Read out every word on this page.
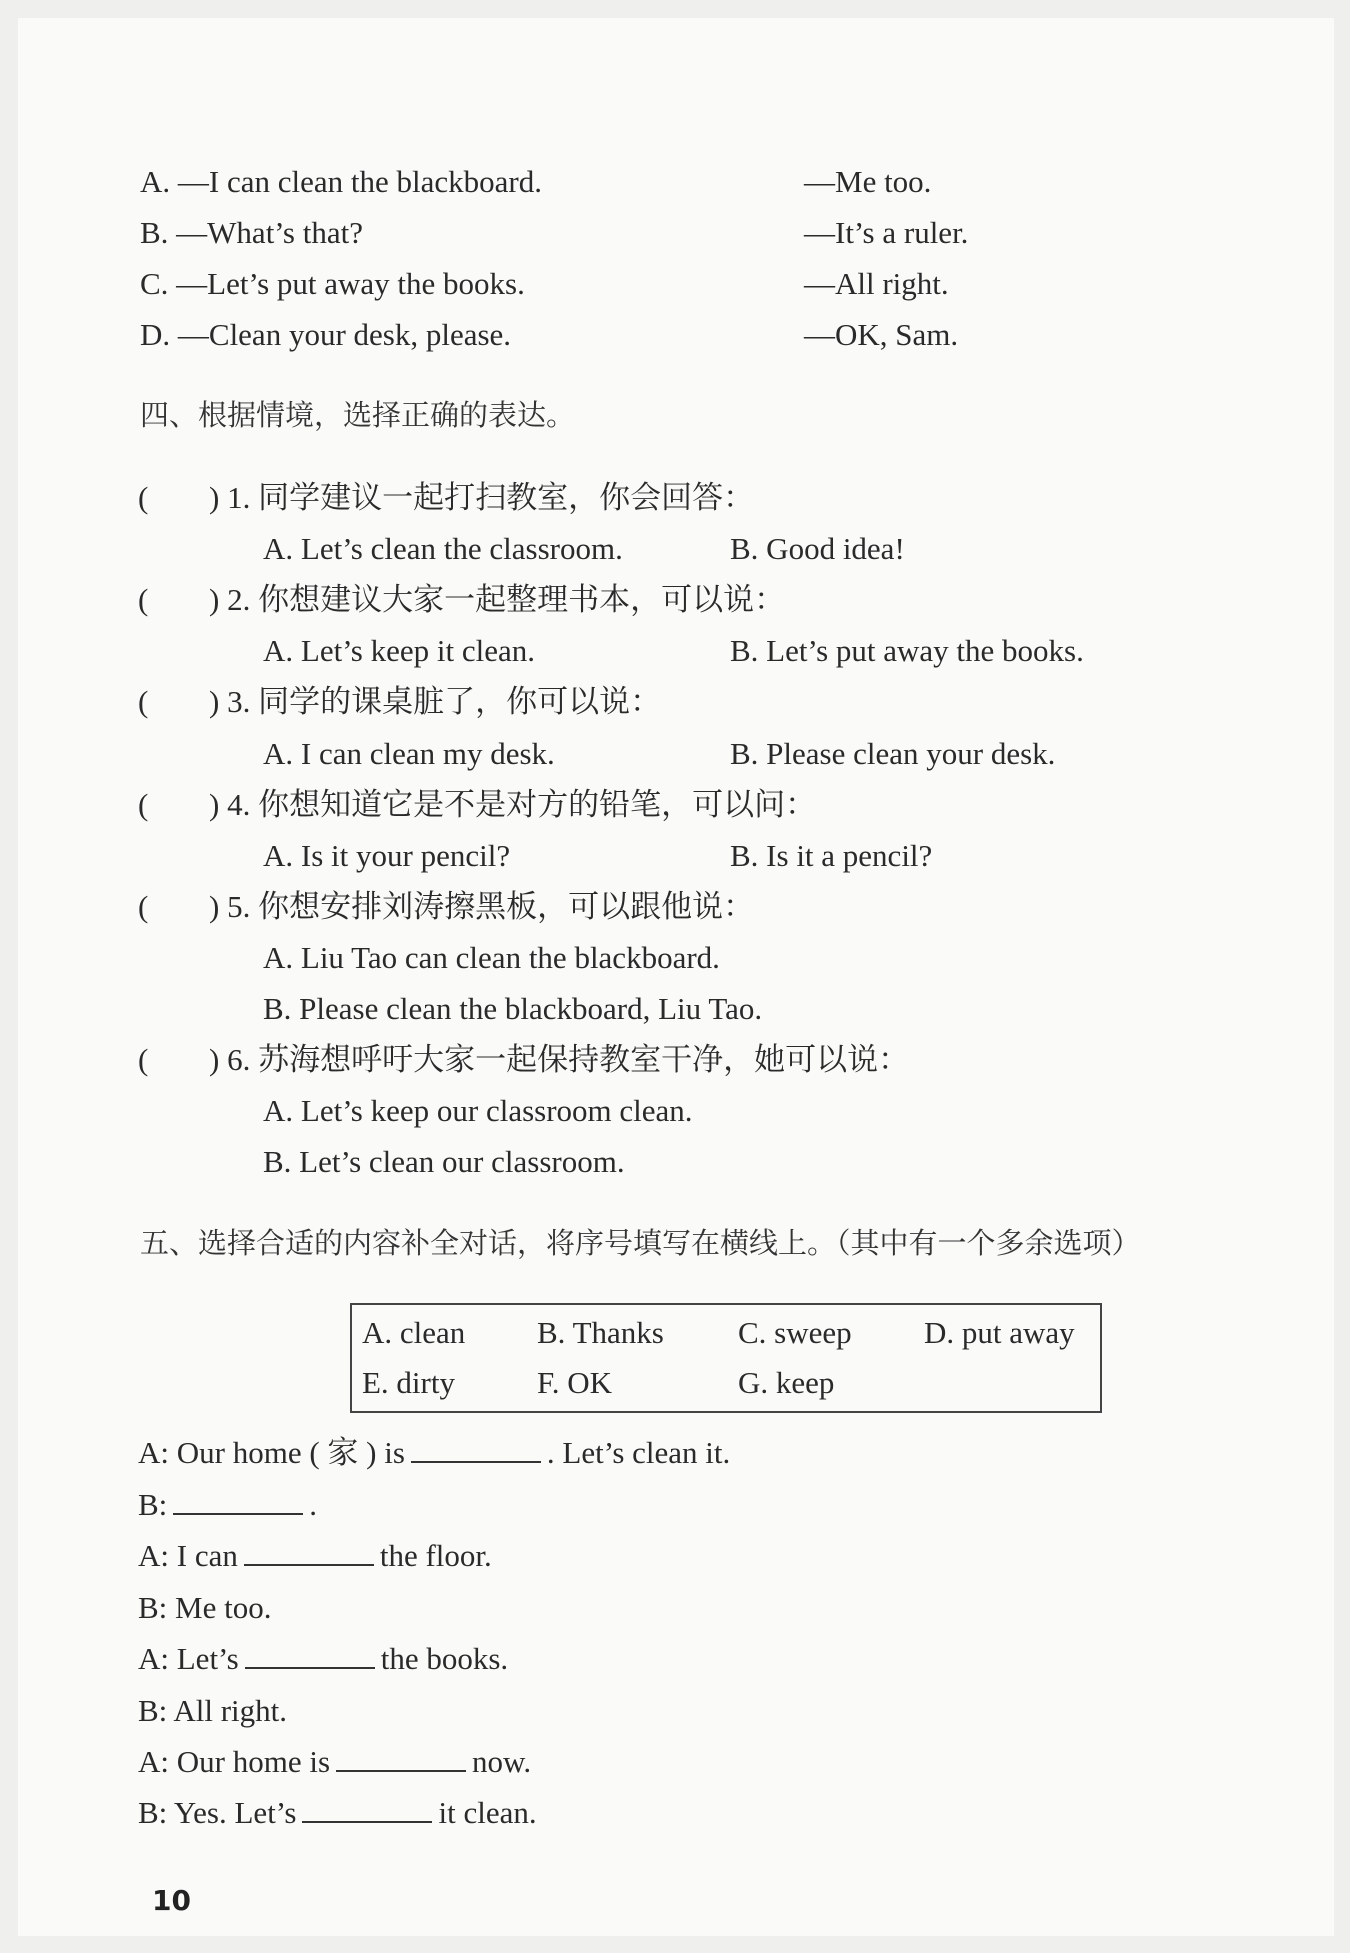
A. —I can clean the blackboard.	—Me too.
B. —What’s that?	—It’s a ruler.
C. —Let’s put away the books.	—All right.
D. —Clean your desk, please.	—OK, Sam.
四、根据情境，选择正确的表达。
( ) 1. 同学建议一起打扫教室，你会回答：
A. Let’s clean the classroom.	B. Good idea!
( ) 2. 你想建议大家一起整理书本，可以说：
A. Let’s keep it clean.	B. Let’s put away the books.
( ) 3. 同学的课桌脏了，你可以说：
A. I can clean my desk.	B. Please clean your desk.
( ) 4. 你想知道它是不是对方的铅笔，可以问：
A. Is it your pencil?	B. Is it a pencil?
( ) 5. 你想安排刘涛擦黑板，可以跟他说：
A. Liu Tao can clean the blackboard.
B. Please clean the blackboard, Liu Tao.
( ) 6. 苏海想呼吁大家一起保持教室干净，她可以说：
A. Let’s keep our classroom clean.
B. Let’s clean our classroom.
五、选择合适的内容补全对话，将序号填写在横线上。（其中有一个多余选项）
A. clean B. Thanks C. sweep D. put away
E. dirty	F. OK	G. keep
A: Our home ( 家 ) is	. Let’s clean it.
B:	.
A: I can	the floor.
B: Me too.
A: Let’s	the books.
B: All right.
A: Our home is	now.
B: Yes. Let’s	it clean.
10
